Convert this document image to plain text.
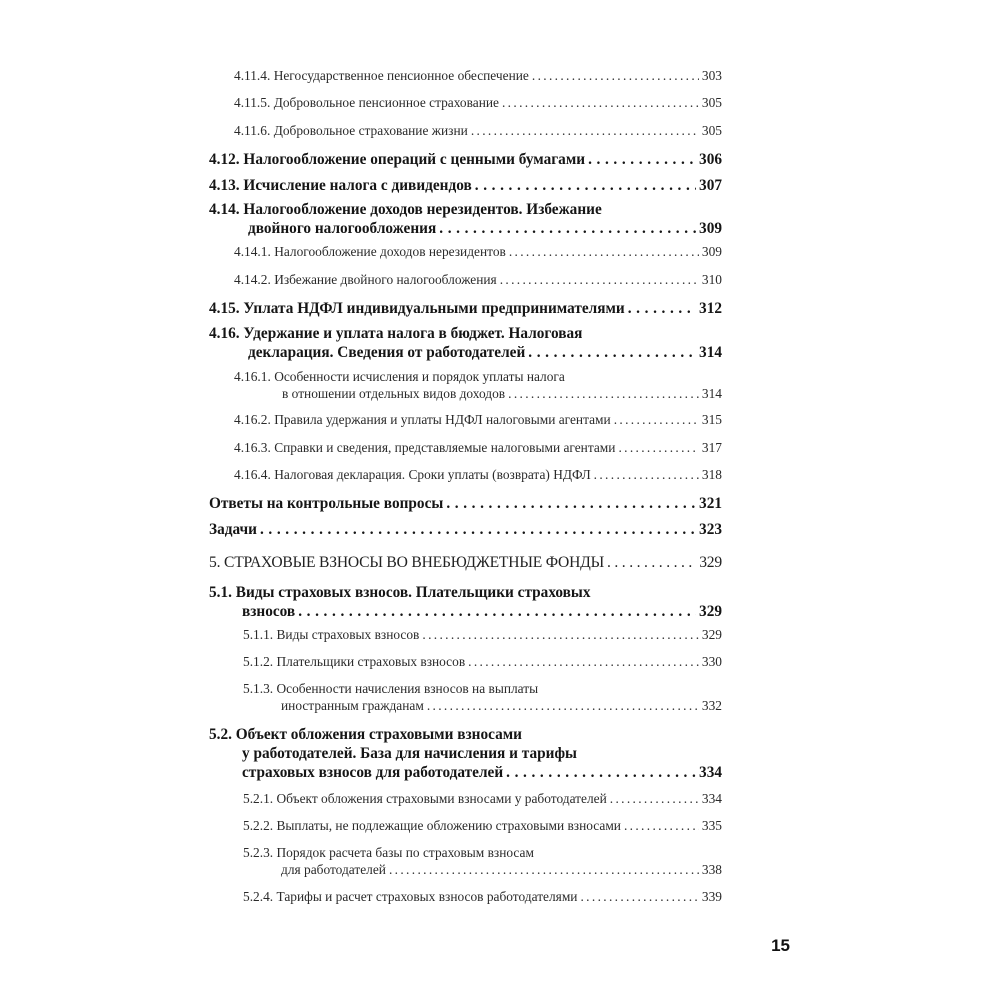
4.11.4. Негосударственное пенсионное обеспечение . . .	303
4.11.5. Добровольное пенсионное страхование . . .	305
4.11.6. Добровольное страхование жизни . . .	305
4.12. Налогообложение операций с ценными бумагами . . .	306
4.13. Исчисление налога с дивидендов . . .	307
4.14. Налогообложение доходов нерезидентов. Избежание
двойного налогообложения . . .	309
4.14.1. Налогообложение доходов нерезидентов . . .	309
4.14.2. Избежание двойного налогообложения . . .	310
4.15. Уплата НДФЛ индивидуальными предпринимателями . . .	312
4.16. Удержание и уплата налога в бюджет. Налоговая
декларация. Сведения от работодателей . . .	314
4.16.1. Особенности исчисления и порядок уплаты налога
в отношении отдельных видов доходов . . .	314
4.16.2. Правила удержания и уплаты НДФЛ налоговыми агентами . . .	315
4.16.3. Справки и сведения, представляемые налоговыми агентами . . .	317
4.16.4. Налоговая декларация. Сроки уплаты (возврата) НДФЛ . . .	318
Ответы на контрольные вопросы . . .	321
Задачи . . .	323
5. СТРАХОВЫЕ ВЗНОСЫ ВО ВНЕБЮДЖЕТНЫЕ ФОНДЫ . . .	329
5.1. Виды страховых взносов. Плательщики страховых
взносов . . .	329
5.1.1. Виды страховых взносов . . .	329
5.1.2. Плательщики страховых взносов . . .	330
5.1.3. Особенности начисления взносов на выплаты
иностранным гражданам . . .	332
5.2. Объект обложения страховыми взносами
у работодателей. База для начисления и тарифы
страховых взносов для работодателей . . .	334
5.2.1. Объект обложения страховыми взносами у работодателей . . .	334
5.2.2. Выплаты, не подлежащие обложению страховыми взносами . . .	335
5.2.3. Порядок расчета базы по страховым взносам
для работодателей . . .	338
5.2.4. Тарифы и расчет страховых взносов работодателями . . .	339
15
